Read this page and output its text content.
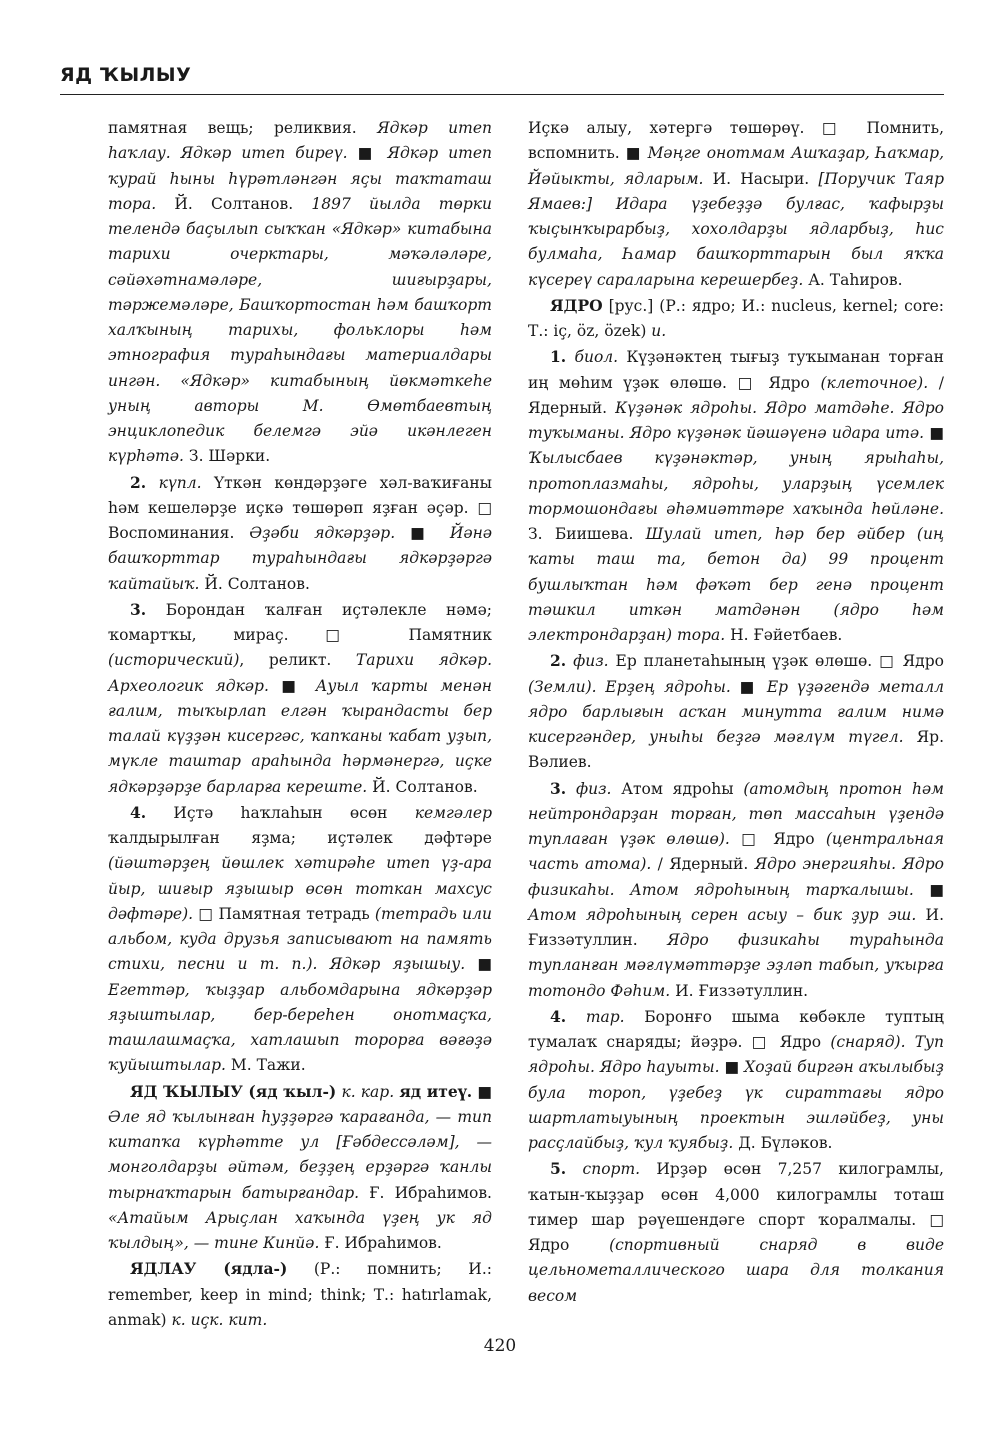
ЯД ҠЫЛЫУ

памятная вещь; реликвия. Ядкәр итеп һаҡлау. Ядкәр итеп биреү. ■ Ядкәр итеп ҡурай һыны һүрәтләнгән яҫы таҡтаташ тора. Й. Солтанов. 1897 йылда төрки телендә баҫылып сыҡҡан «Ядкәр» китабына тарихи очерктары, мәҡәләләре, сәйәхәтнамәләре, шиғырҙары, тәржемәләре, Башҡортостан һәм башҡорт халҡының тарихы, фольклоры һәм этнография тураһындағы материалдары ингән. «Ядкәр» китабының йөкмәткеһе уның авторы М. Өмөтбаевтың энциклопедик белемгә эйә икәнлеген күрһәтә. З. Шәрки.

2. күпл. Үткән көндәрҙәге хәл-ваҡиғаны һәм кешеләрҙе иҫкә төшөрөп яҙған әҫәр. □ Воспоминания. Әҙәби ядкәрҙәр. ■ Йәнә башҡорттар тураһындағы ядкәрҙәргә ҡайтайыҡ. Й. Солтанов.

3. Борондан ҡалған иҫтәлекле нәмә; ҡомартҡы, мираҫ. □ Памятник (исторический), реликт. Тарихи ядкәр. Археологик ядкәр. ■ Ауыл ҡарты менән ғалим, тыҡырлап елгән ҡырандасты бер талай күҙҙән кисергәс, ҡапҡаны ҡабат уҙып, мүкле таштар араһында һәрмәнергә, иҫке ядкәрҙәрҙе барларға кереште. Й. Солтанов.

4. Иҫтә һаҡлаһын өсөн кемгәлер ҡалдырылған яҙма; иҫтәлек дәфтәре (йәштәрҙең йөшлек хәтирәһе итеп үҙ-ара йыр, шиғыр яҙышыр өсөн тоткан махсус дәфтәре). □ Памятная тетрадь (тетрадь или альбом, куда друзья записывают на память стихи, песни и т. п.). Ядкәр яҙышыу. ■ Егеттәр, ҡыҙҙар альбомдарына ядкәрҙәр яҙыштылар, бер-береһен онотмаҫҡа, ташлашмаҫҡа, хатлашып торорға вәғәҙә ҡуйыштылар. М. Тажи.

ЯД ҠЫЛЫУ (яд ҡыл-) к. кар. яд итеү. ■ Әле яд ҡылынған һуҙҙәргә ҡарағанда, — тип китапҡа күрһәтте ул [Ғәбдессәләм], — монголдарҙы әйтәм, беҙҙең ерҙәргә ҡанлы тырнаҡтарын батырғандар. Ғ. Ибраһимов. «Атайым Арыҫлан хаҡында үҙең ук яд ҡылдың», — тине Кинйә. Ғ. Ибраһимов.

ЯДЛАУ (ядла-) (Р.: помнить; И.: remember, keep in mind; think; Т.: hatırlamak, anmak) к. иҫк. кит.

Иҫкә алыу, хәтергә төшөрөү. □ Помнить, вспомнить. ■ Мәңге онотмам Ашҡаҙар, Һаҡмар, Йәйыкты, ядларым. И. Насыри. [Поручик Таяр Ямаев:] Идара үҙебеҙҙә булғас, ҡафырҙы ҡыҫынҡырарбыҙ, хохолдарҙы ядларбыҙ, һис булмаһа, Һамар башҡорттарын был яҡҡа күсереү сараларына керешербеҙ. А. Таһиров.

ЯДРО [рус.] (Р.: ядро; И.: nucleus, kernel; core: Т.: iç, öz, özek) и.

1. биол. Күҙәнәктең тығыҙ туҡыманан торған иң мөһим үҙәк өлөшө. □ Ядро (клеточное). / Ядерный. Күҙәнәк ядроһы. Ядро матдәһе. Ядро туҡыманы. Ядро күҙәнәк йәшәүенә идара итә. ■ Ҡылысбаев күҙәнәктәр, уның ярыһаһы, протоплазмаһы, ядроһы, уларҙың үсемлек тормошондағы әһәмиәттәре хаҡында һөйләне. З. Биишева. Шулай итеп, һәр бер әйбер (иң ҡаты таш та, бетон да) 99 процент бушлыҡтан һәм фәҡәт бер генә процент тәшкил иткән матдәнән (ядро һәм электрондарҙан) тора. Н. Ғәйетбаев.

2. физ. Ер планетаһының үҙәк өлөшө. □ Ядро (Земли). Ерҙең ядроһы. ■ Ер үҙәгендә металл ядро барлығын асҡан минутта ғалим нимә кисергәндер, уныһы беҙгә мәғлүм түгел. Яр. Вәлиев.

3. физ. Атом ядроһы (атомдың протон һәм нейтрондарҙан торған, төп массаһын үҙендә туплаған үҙәк өлөшө). □ Ядро (центральная часть атома). / Ядерный. Ядро энергияһы. Ядро физикаһы. Атом ядроһының тарҡалышы. ■ Атом ядроһының серен асыу – бик ҙур эш. И. Ғиззәтуллин. Ядро физикаһы тураһында тупланған мәғлүмәттәрҙе эҙләп табып, уҡырға тотондо Фәһим. И. Ғиззәтуллин.

4. тар. Боронғо шыма көбәкле туптың тумалаҡ снаряды; йәҙрә. □ Ядро (снаряд). Туп ядроһы. Ядро һауыты. ■ Хоҙай биргән аҡылыбыҙ була тороп, үҙебеҙ үк сираттағы ядро шартлатыуының проектын эшләйбеҙ, уны расҫлайбыҙ, ҡул ҡуябыҙ. Д. Бүләков.

5. спорт. Ирҙәр өсөн 7,257 килограмлы, ҡатын-ҡыҙҙар өсөн 4,000 килограмлы тоташ тимер шар рәүешендәге спорт ҡоралмалы. □ Ядро (спортивный снаряд в виде цельнометаллического шара для толкания весом

420
